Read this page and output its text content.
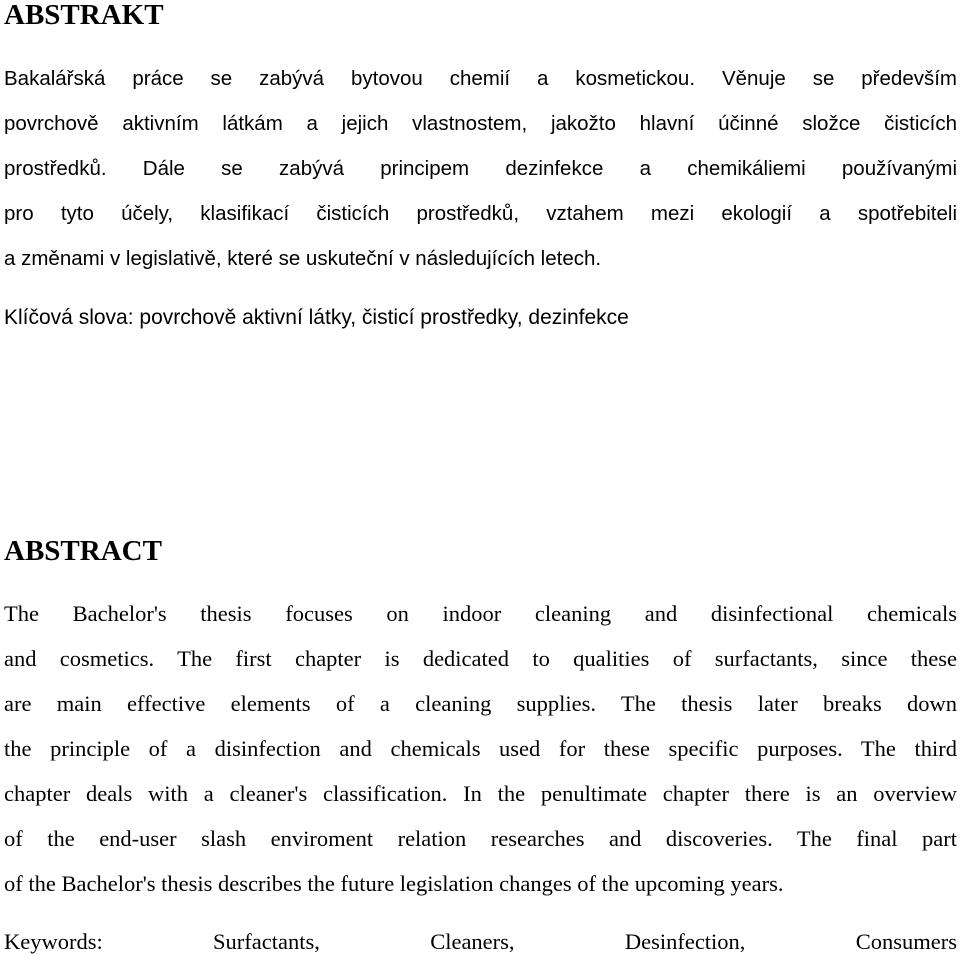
ABSTRAKT
Bakalářská práce se zabývá bytovou chemií a kosmetickou. Věnuje se především
povrchově aktivním látkám a jejich vlastnostem, jakožto hlavní účinné složce čisticích
prostředků. Dále se zabývá principem dezinfekce a chemikáliemi používanými
pro tyto účely, klasifikací čisticích prostředků, vztahem mezi ekologií a spotřebiteli
a změnami v legislativě, které se uskuteční v následujících letech.
Klíčová slova: povrchově aktivní látky, čisticí prostředky, dezinfekce
ABSTRACT
The Bachelor's thesis focuses on indoor cleaning and disinfectional chemicals
and cosmetics. The first chapter is dedicated to qualities of surfactants, since these
are main effective elements of a cleaning supplies. The thesis later breaks down
the principle of a disinfection and chemicals used for these specific purposes. The third
chapter deals with a cleaner's classification. In the penultimate chapter there is an overview
of the end-user slash enviroment relation researches and discoveries. The final part
of the Bachelor's thesis describes the future legislation changes of the upcoming years.
Keywords: Surfactants, Cleaners, Desinfection, Consumers
